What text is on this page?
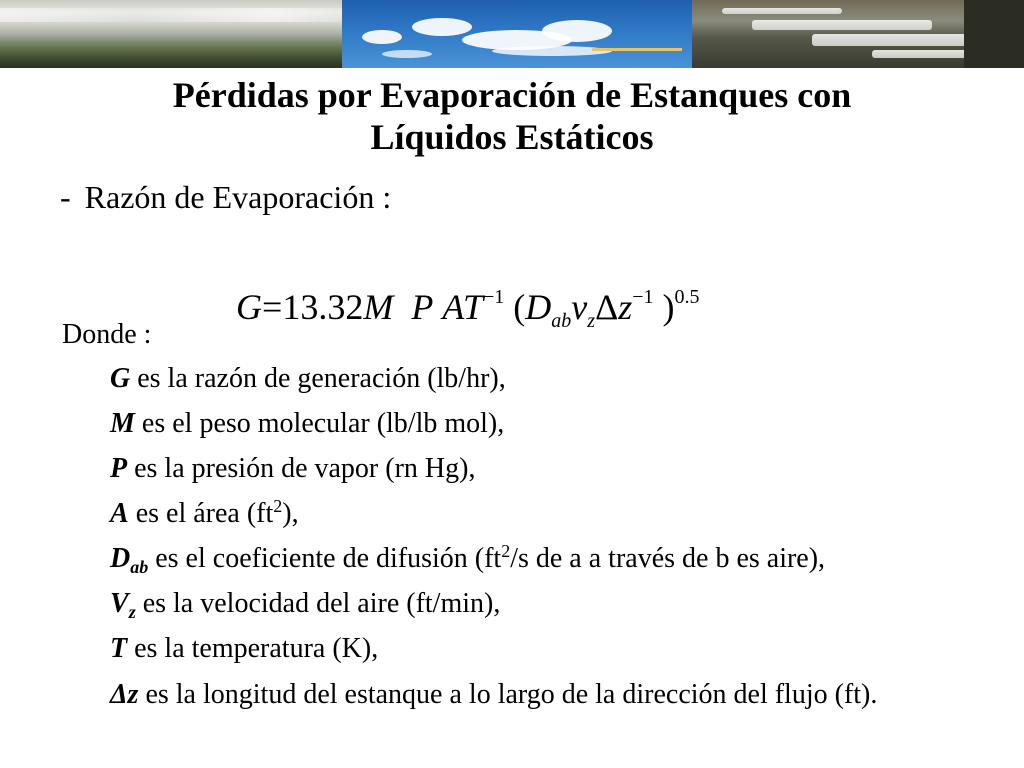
Pérdidas por Evaporación de Estanques con
Líquidos Estáticos
- Razón de Evaporación :
G=13.32M P $AT^{-1}$ ($D_{ab}v_z\Delta z^{-1}$ )$^{0.5}$
Donde :
G es la razón de generación (lb/hr),
M es el peso molecular (lb/lb mol),
P es la presión de vapor (rn Hg),
A es el área $(ft^2)$,
$D_{ab}$ es el coeficiente de difusión ($ft^2/s$ de a a través de b es aire),
$V_z$ es la velocidad del aire (ft/min),
T es la temperatura (K),
Δz es la longitud del estanque a lo largo de la dirección del flujo (ft).
